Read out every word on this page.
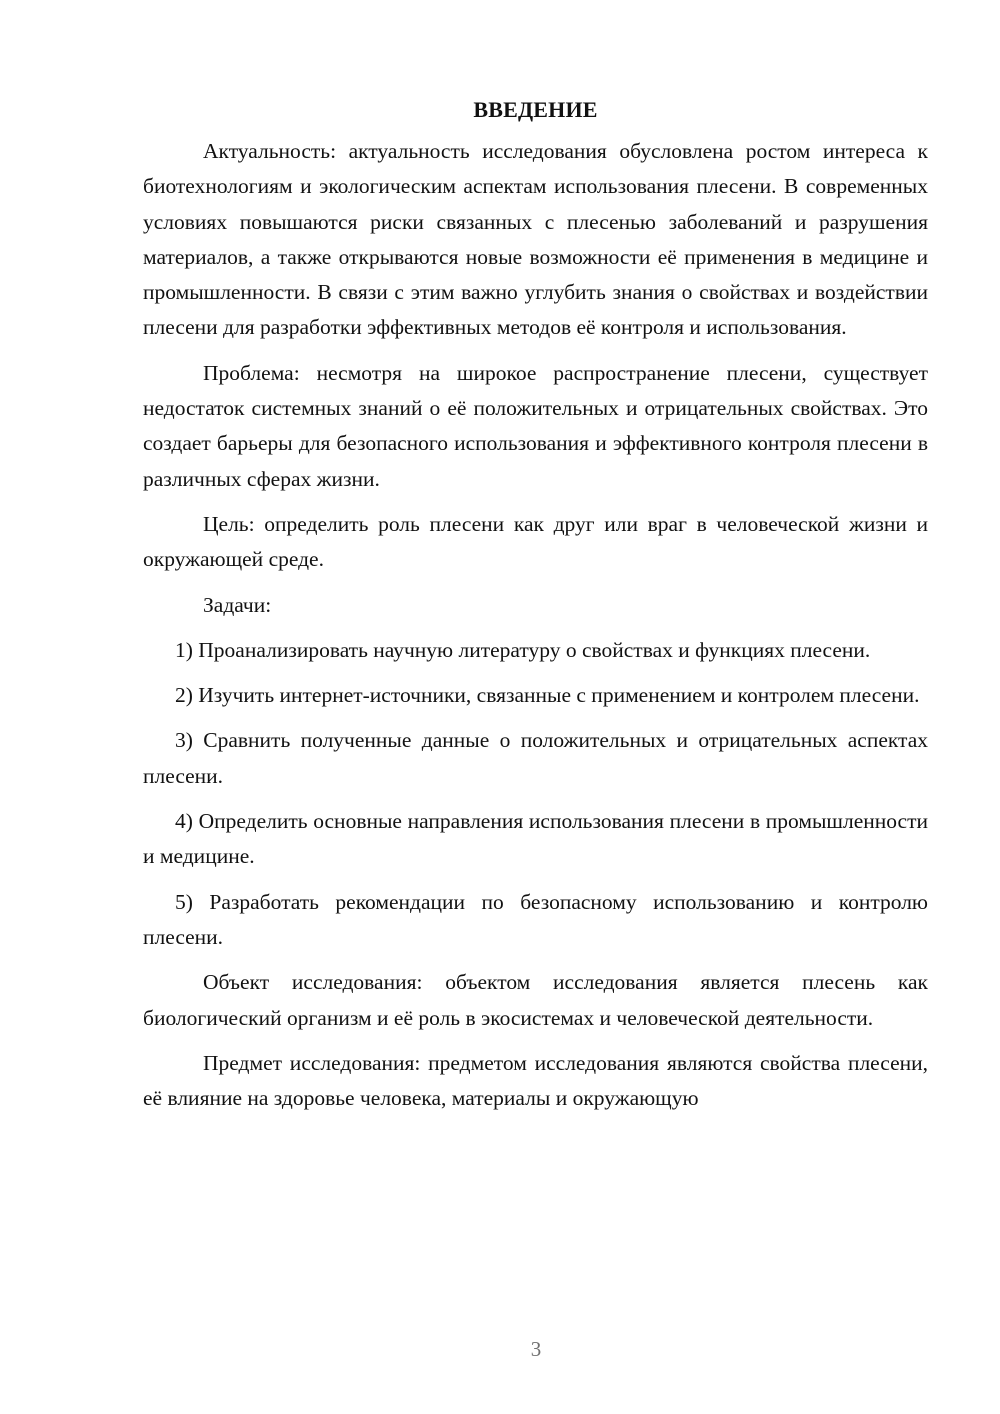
ВВЕДЕНИЕ

Актуальность: актуальность исследования обусловлена ростом интереса к биотехнологиям и экологическим аспектам использования плесени. В современных условиях повышаются риски связанных с плесенью заболеваний и разрушения материалов, а также открываются новые возможности её применения в медицине и промышленности. В связи с этим важно углубить знания о свойствах и воздействии плесени для разработки эффективных методов её контроля и использования.

Проблема: несмотря на широкое распространение плесени, существует недостаток системных знаний о её положительных и отрицательных свойствах. Это создает барьеры для безопасного использования и эффективного контроля плесени в различных сферах жизни.

Цель: определить роль плесени как друг или враг в человеческой жизни и окружающей среде.

Задачи:

1) Проанализировать научную литературу о свойствах и функциях плесени.

2) Изучить интернет-источники, связанные с применением и контролем плесени.

3) Сравнить полученные данные о положительных и отрицательных аспектах плесени.

4) Определить основные направления использования плесени в промышленности и медицине.

5) Разработать рекомендации по безопасному использованию и контролю плесени.

Объект исследования: объектом исследования является плесень как биологический организм и её роль в экосистемах и человеческой деятельности.

Предмет исследования: предметом исследования являются свойства плесени, её влияние на здоровье человека, материалы и окружающую

3
